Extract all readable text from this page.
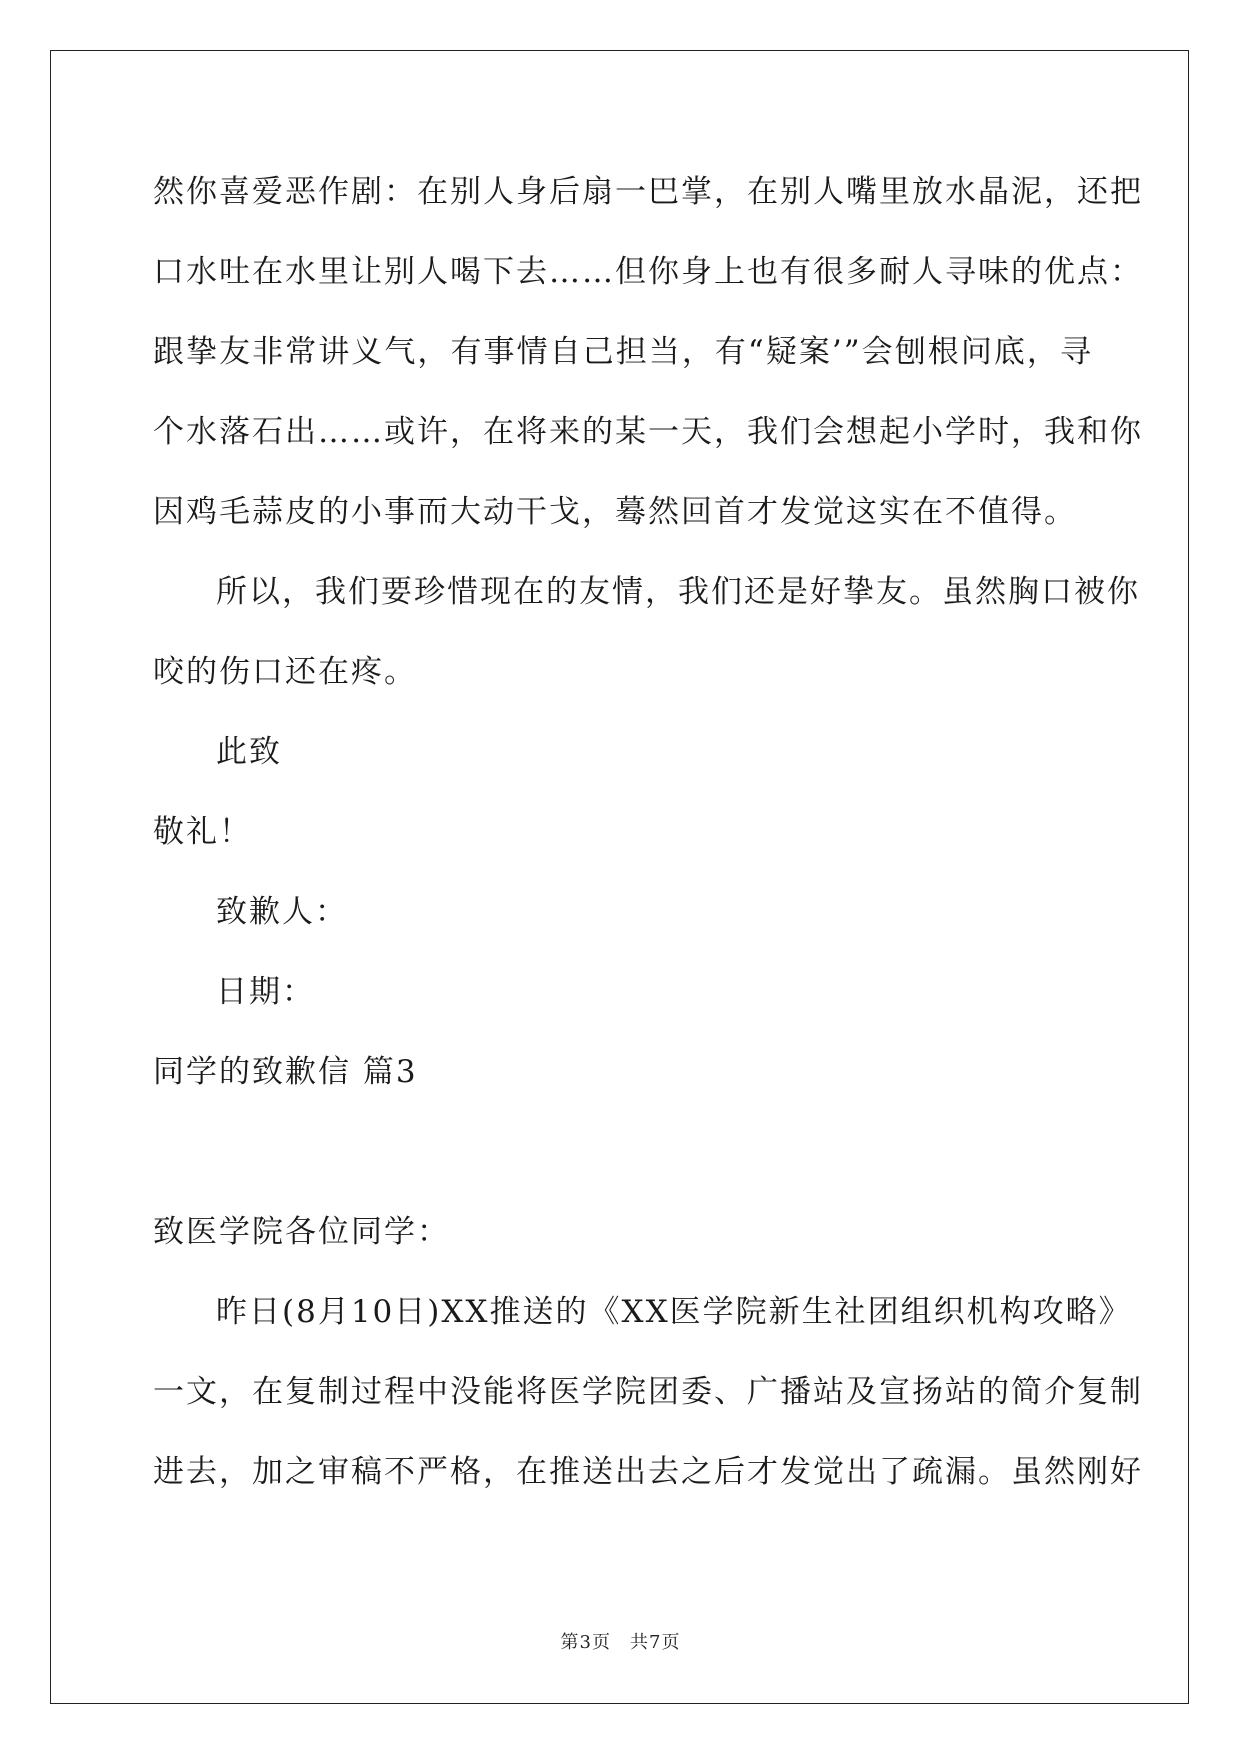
然你喜爱恶作剧：在别人身后扇一巴掌，在别人嘴里放水晶泥，还把
口水吐在水里让别人喝下去……但你身上也有很多耐人寻味的优点：
跟挚友非常讲义气，有事情自己担当，有“疑案’”会刨根问底，寻
个水落石出……或许，在将来的某一天，我们会想起小学时，我和你
因鸡毛蒜皮的小事而大动干戈，蓦然回首才发觉这实在不值得。
所以，我们要珍惜现在的友情，我们还是好挚友。虽然胸口被你
咬的伤口还在疼。
此致
敬礼！
致歉人：
日期：
同学的致歉信 篇3
致医学院各位同学：
昨日(8月10日)XX推送的《XX医学院新生社团组织机构攻略》
一文，在复制过程中没能将医学院团委、广播站及宣扬站的简介复制
进去，加之审稿不严格，在推送出去之后才发觉出了疏漏。虽然刚好
第3页　共7页
